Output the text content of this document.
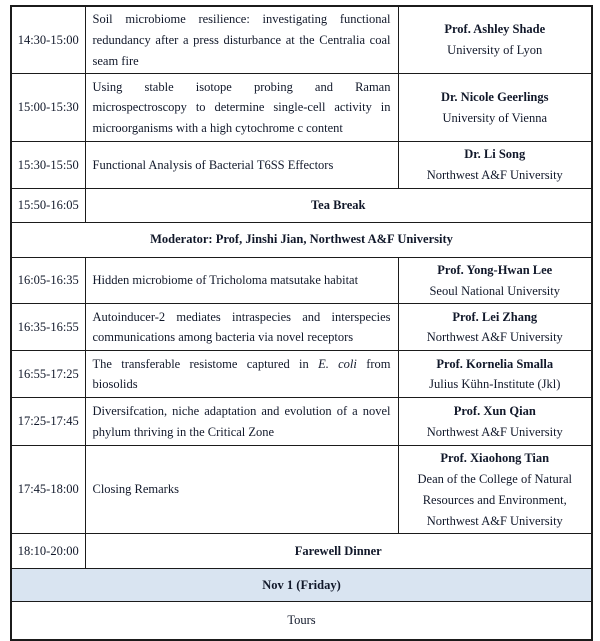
14:30-15:00	Soil microbiome resilience: investigating functional redundancy after a press disturbance at the Centralia coal seam fire	Prof. Ashley Shade
University of Lyon

15:00-15:30	Using stable isotope probing and Raman microspectroscopy to determine single-cell activity in microorganisms with a high cytochrome c content	Dr. Nicole Geerlings
University of Vienna

15:30-15:50	Functional Analysis of Bacterial T6SS Effectors	Dr. Li Song
Northwest A&F University

15:50-16:05	Tea Break	
Moderator: Prof, Jinshi Jian, Northwest A&F University		
16:05-16:35	Hidden microbiome of Tricholoma matsutake habitat	Prof. Yong-Hwan Lee
Seoul National University

16:35-16:55	Autoinducer-2 mediates intraspecies and interspecies communications among bacteria via novel receptors	Prof. Lei Zhang
Northwest A&F University

16:55-17:25	The transferable resistome captured in E. coli from biosolids	Prof. Kornelia Smalla
Julius Kühn-Institute (Jkl)

17:25-17:45	Diversifcation, niche adaptation and evolution of a novel phylum thriving in the Critical Zone	Prof. Xun Qian
Northwest A&F University

17:45-18:00	Closing Remarks	Prof. Xiaohong Tian
Dean of the College of Natural Resources and Environment,
Northwest A&F University

18:10-20:00	Farewell Dinner	
Nov 1 (Friday)		
Tours		
